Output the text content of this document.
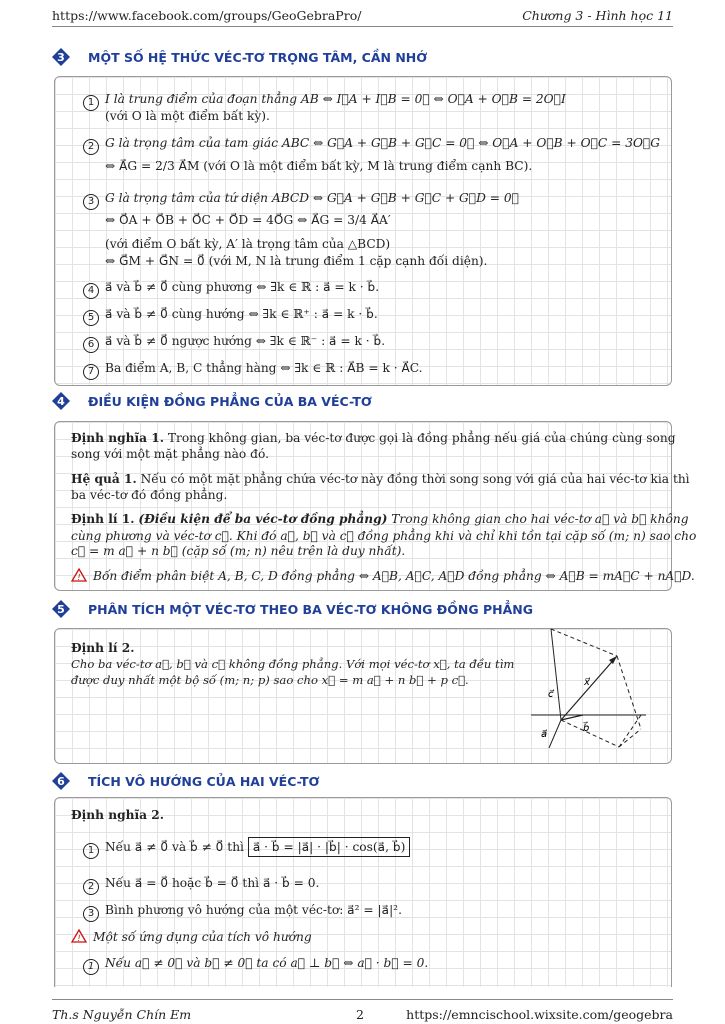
https://www.facebook.com/groups/GeoGebraPro/	Chương 3 - Hình học 11
3 MỘT SỐ HỆ THỨC VÉC-TƠ TRỌNG TÂM, CẦN NHỚ
1 I là trung điểm của đoạn thẳng AB ⇔ I⃗A + I⃗B = 0⃗ ⇔ O⃗A + O⃗B = 2O⃗I
(với O là một điểm bất kỳ).
2 G là trọng tâm của tam giác ABC ⇔ G⃗A + G⃗B + G⃗C = 0⃗ ⇔ O⃗A + O⃗B + O⃗C = 3O⃗G
⇔ A⃗G = 2/3 A⃗M (với O là một điểm bất kỳ, M là trung điểm cạnh BC).
3 G là trọng tâm của tứ diện ABCD ⇔ G⃗A + G⃗B + G⃗C + G⃗D = 0⃗
⇔ O⃗A + O⃗B + O⃗C + O⃗D = 4O⃗G ⇔ A⃗G = 3/4 A⃗A′
(với điểm O bất kỳ, A′ là trọng tâm của △BCD)
⇔ G⃗M + G⃗N = 0⃗ (với M, N là trung điểm 1 cặp cạnh đối diện).
4 a⃗ và b⃗ ≠ 0⃗ cùng phương ⇔ ∃k ∈ ℝ : a⃗ = k · b⃗.
5 a⃗ và b⃗ ≠ 0⃗ cùng hướng ⇔ ∃k ∈ ℝ⁺ : a⃗ = k · b⃗.
6 a⃗ và b⃗ ≠ 0⃗ ngược hướng ⇔ ∃k ∈ ℝ⁻ : a⃗ = k · b⃗.
7 Ba điểm A, B, C thẳng hàng ⇔ ∃k ∈ ℝ : A⃗B = k · A⃗C.
4 ĐIỀU KIỆN ĐỒNG PHẲNG CỦA BA VÉC-TƠ
Định nghĩa 1. Trong không gian, ba véc-tơ được gọi là đồng phẳng nếu giá của chúng cùng song
song với một mặt phẳng nào đó.
Hệ quả 1. Nếu có một mặt phẳng chứa véc-tơ này đồng thời song song với giá của hai véc-tơ kia thì
ba véc-tơ đó đồng phẳng.
Định lí 1. (Điều kiện để ba véc-tơ đồng phẳng) Trong không gian cho hai véc-tơ a⃗ và b⃗ không
cùng phương và véc-tơ c⃗. Khi đó a⃗, b⃗ và c⃗ đồng phẳng khi và chỉ khi tồn tại cặp số (m; n) sao cho
c⃗ = m a⃗ + n b⃗ (cặp số (m; n) nêu trên là duy nhất).
! Bốn điểm phân biệt A, B, C, D đồng phẳng ⇔ A⃗B, A⃗C, A⃗D đồng phẳng ⇔ A⃗B = mA⃗C + nA⃗D.
5 PHÂN TÍCH MỘT VÉC-TƠ THEO BA VÉC-TƠ KHÔNG ĐỒNG PHẲNG
Định lí 2.
Cho ba véc-tơ a⃗, b⃗ và c⃗ không đồng phẳng. Với mọi véc-tơ x⃗, ta đều tìm
được duy nhất một bộ số (m; n; p) sao cho x⃗ = m a⃗ + n b⃗ + p c⃗.
c⃗
x⃗
a⃗
b⃗
6 TÍCH VÔ HƯỚNG CỦA HAI VÉC-TƠ
Định nghĩa 2.
1 Nếu a⃗ ≠ 0⃗ và b⃗ ≠ 0⃗ thì a⃗ · b⃗ = |a⃗| · |b⃗| · cos(a⃗, b⃗)
2 Nếu a⃗ = 0⃗ hoặc b⃗ = 0⃗ thì a⃗ · b⃗ = 0.
3 Bình phương vô hướng của một véc-tơ: a⃗² = |a⃗|².
! Một số ứng dụng của tích vô hướng
1 Nếu a⃗ ≠ 0⃗ và b⃗ ≠ 0⃗ ta có a⃗ ⊥ b⃗ ⇔ a⃗ · b⃗ = 0.
Th.s Nguyễn Chín Em	2	https://emncischool.wixsite.com/geogebra
